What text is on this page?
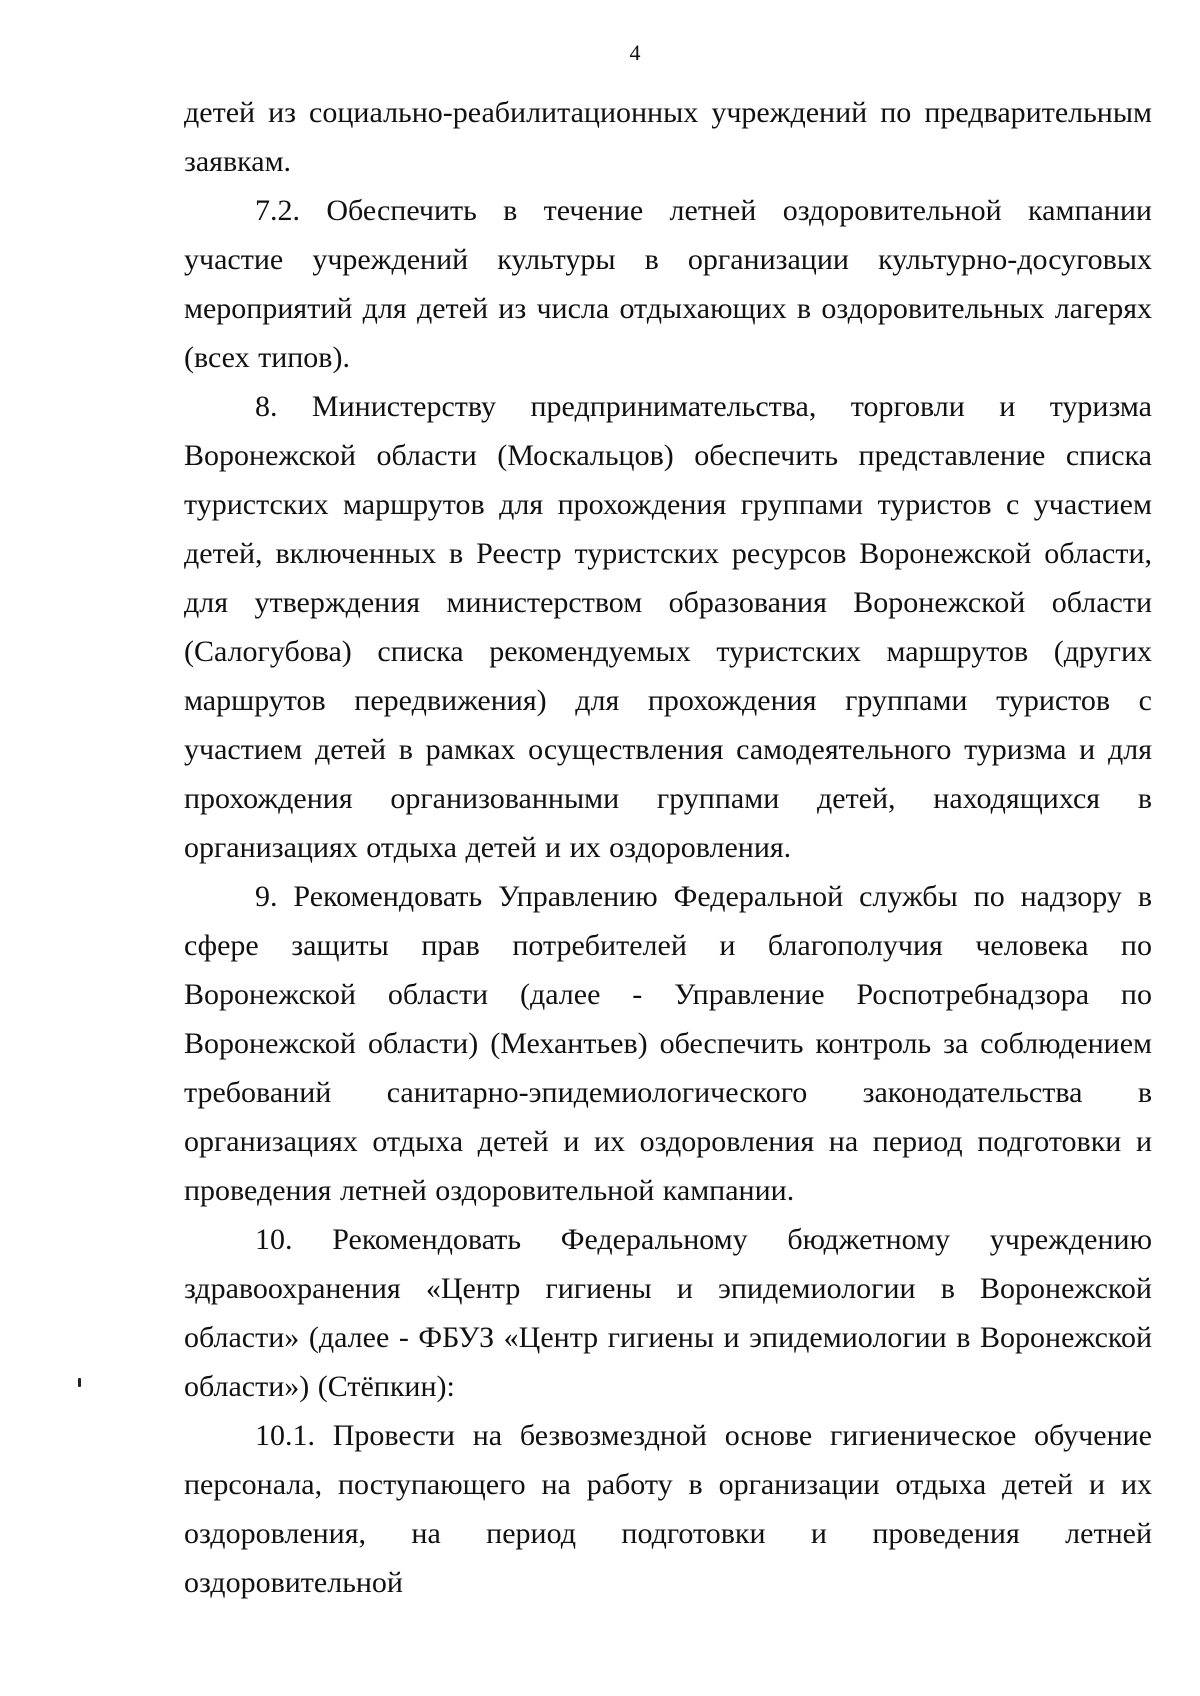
4

детей из социально-реабилитационных учреждений по предварительным заявкам.

7.2. Обеспечить в течение летней оздоровительной кампании участие учреждений культуры в организации культурно-досуговых мероприятий для детей из числа отдыхающих в оздоровительных лагерях (всех типов).

8. Министерству предпринимательства, торговли и туризма Воронежской области (Москальцов) обеспечить представление списка туристских маршрутов для прохождения группами туристов с участием детей, включенных в Реестр туристских ресурсов Воронежской области, для утверждения министерством образования Воронежской области (Салогубова) списка рекомендуемых туристских маршрутов (других маршрутов передвижения) для прохождения группами туристов с участием детей в рамках осуществления самодеятельного туризма и для прохождения организованными группами детей, находящихся в организациях отдыха детей и их оздоровления.

9. Рекомендовать Управлению Федеральной службы по надзору в сфере защиты прав потребителей и благополучия человека по Воронежской области (далее - Управление Роспотребнадзора по Воронежской области) (Механтьев) обеспечить контроль за соблюдением требований санитарно-эпидемиологического законодательства в организациях отдыха детей и их оздоровления на период подготовки и проведения летней оздоровительной кампании.

10. Рекомендовать Федеральному бюджетному учреждению здравоохранения «Центр гигиены и эпидемиологии в Воронежской области» (далее - ФБУЗ «Центр гигиены и эпидемиологии в Воронежской области») (Стёпкин):

10.1. Провести на безвозмездной основе гигиеническое обучение персонала, поступающего на работу в организации отдыха детей и их оздоровления, на период подготовки и проведения летней оздоровительной
